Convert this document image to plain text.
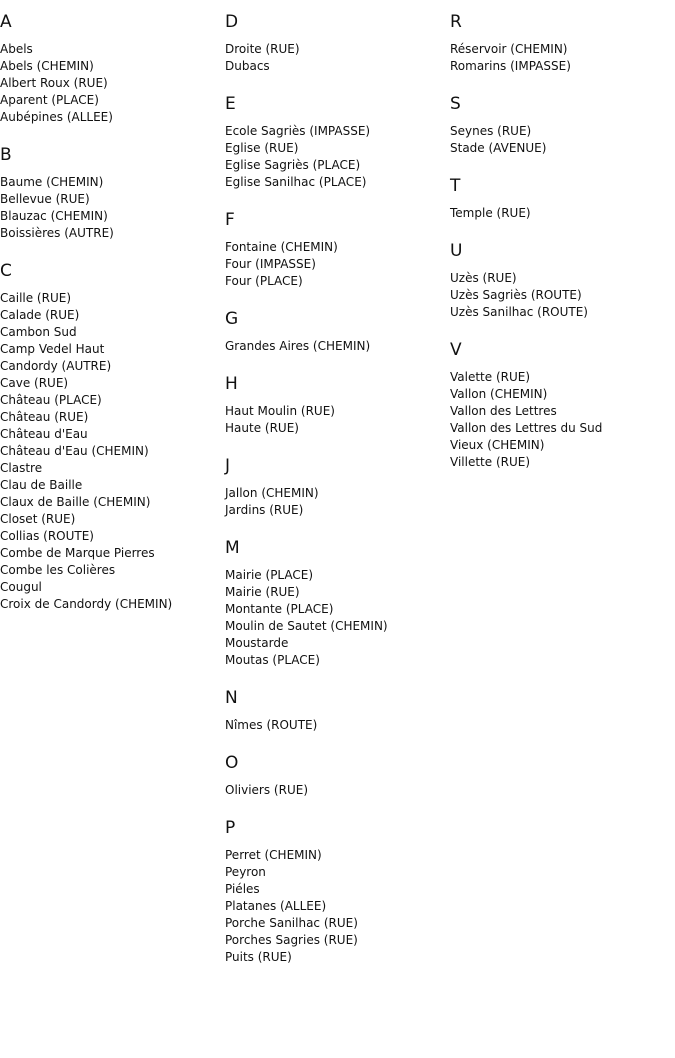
A
Abels
Abels (CHEMIN)
Albert Roux (RUE)
Aparent (PLACE)
Aubépines (ALLEE)
B
Baume (CHEMIN)
Bellevue (RUE)
Blauzac (CHEMIN)
Boissières (AUTRE)
C
Caille (RUE)
Calade (RUE)
Cambon Sud
Camp Vedel Haut
Candordy (AUTRE)
Cave (RUE)
Château (PLACE)
Château (RUE)
Château d'Eau
Château d'Eau (CHEMIN)
Clastre
Clau de Baille
Claux de Baille (CHEMIN)
Closet (RUE)
Collias (ROUTE)
Combe de Marque Pierres
Combe les Colières
Cougul
Croix de Candordy (CHEMIN)
D
Droite (RUE)
Dubacs
E
Ecole Sagriès (IMPASSE)
Eglise (RUE)
Eglise Sagriès (PLACE)
Eglise Sanilhac (PLACE)
F
Fontaine (CHEMIN)
Four (IMPASSE)
Four (PLACE)
G
Grandes Aires (CHEMIN)
H
Haut Moulin (RUE)
Haute (RUE)
J
Jallon (CHEMIN)
Jardins (RUE)
M
Mairie (PLACE)
Mairie (RUE)
Montante (PLACE)
Moulin de Sautet (CHEMIN)
Moustarde
Moutas (PLACE)
N
Nîmes (ROUTE)
O
Oliviers (RUE)
P
Perret (CHEMIN)
Peyron
Piéles
Platanes (ALLEE)
Porche Sanilhac (RUE)
Porches Sagries (RUE)
Puits (RUE)
R
Réservoir (CHEMIN)
Romarins (IMPASSE)
S
Seynes (RUE)
Stade (AVENUE)
T
Temple (RUE)
U
Uzès (RUE)
Uzès Sagriès (ROUTE)
Uzès Sanilhac (ROUTE)
V
Valette (RUE)
Vallon (CHEMIN)
Vallon des Lettres
Vallon des Lettres du Sud
Vieux (CHEMIN)
Villette (RUE)
